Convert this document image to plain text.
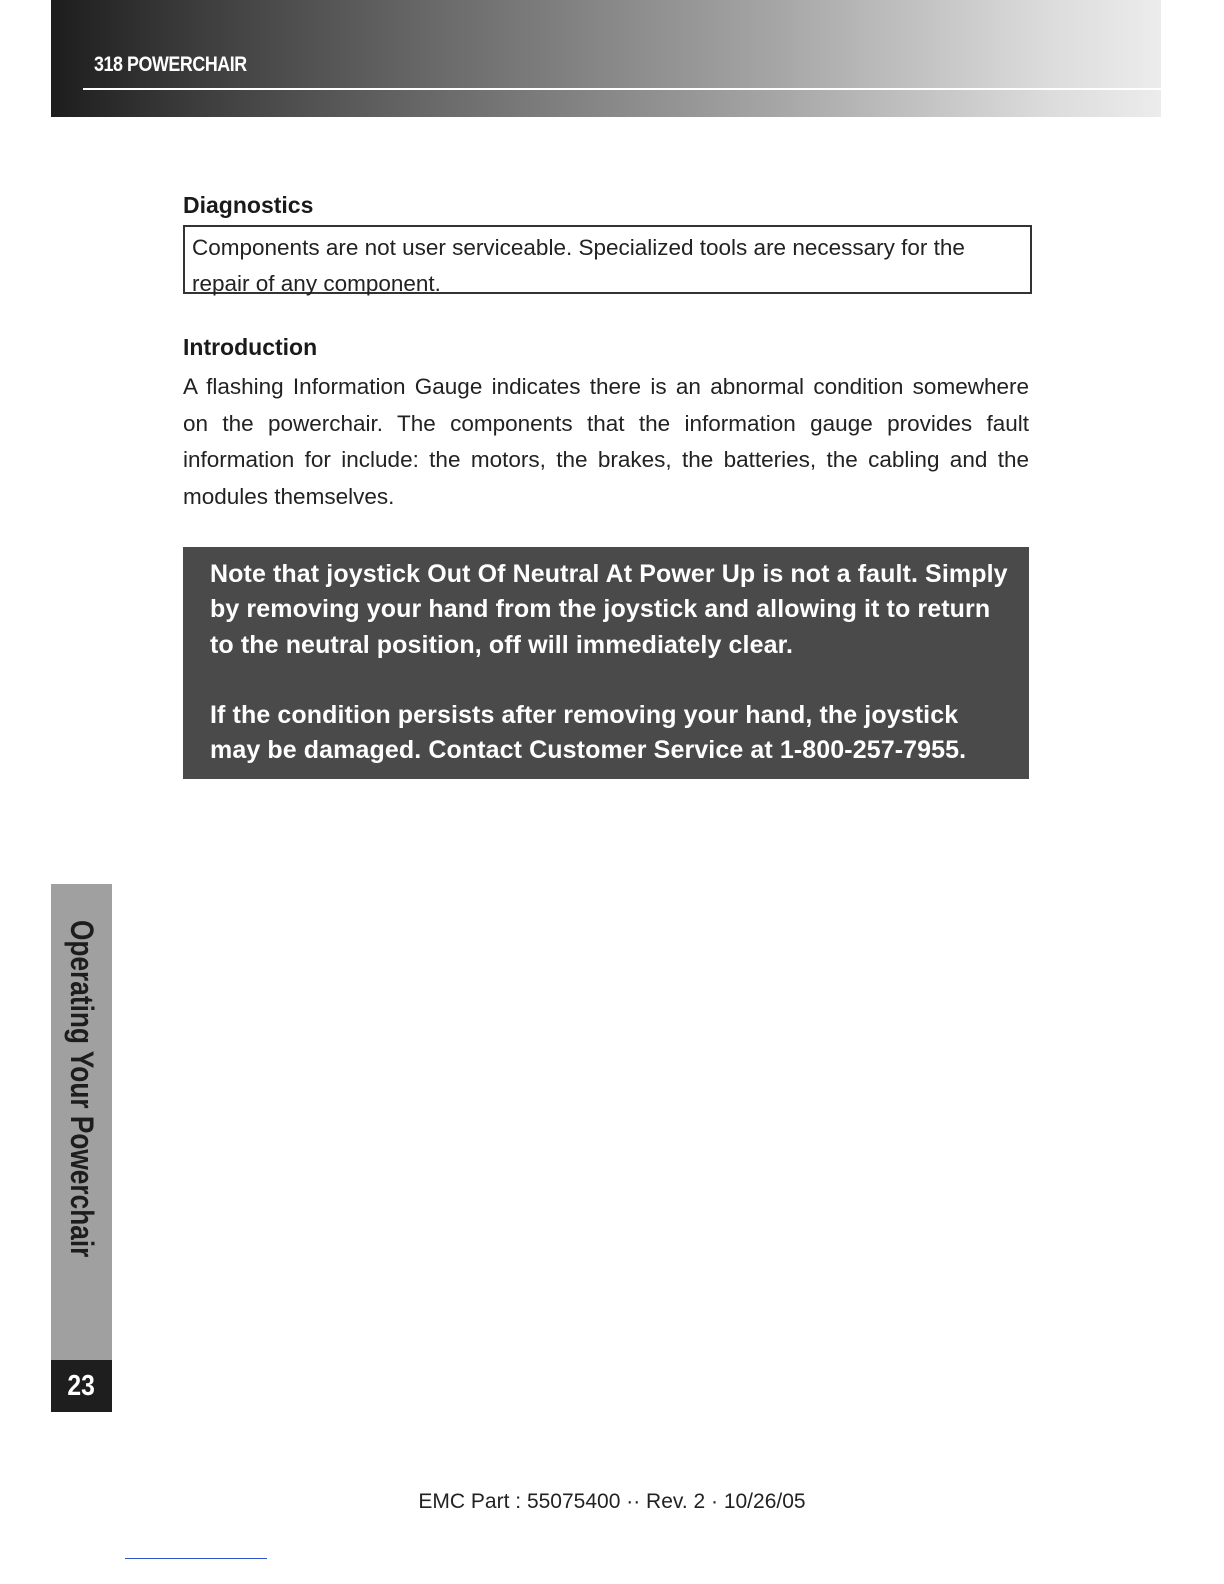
318 POWERCHAIR
Diagnostics
Components are not user serviceable. Specialized tools are necessary for the repair of any component.
Introduction

A flashing Information Gauge indicates there is an abnormal condition somewhere on the powerchair. The components that the information gauge provides fault information for include: the motors, the brakes, the batteries, the cabling and the modules themselves.

Note that joystick Out Of Neutral At Power Up is not a fault. Simply by removing your hand from the joystick and allowing it to return to the neutral position, off will immediately clear.

If the condition persists after removing your hand, the joystick may be damaged. Contact Customer Service at 1-800-257-7955.

Operating Your Powerchair
23
EMC Part : 55075400 ·· Rev. 2 · 10/26/05
